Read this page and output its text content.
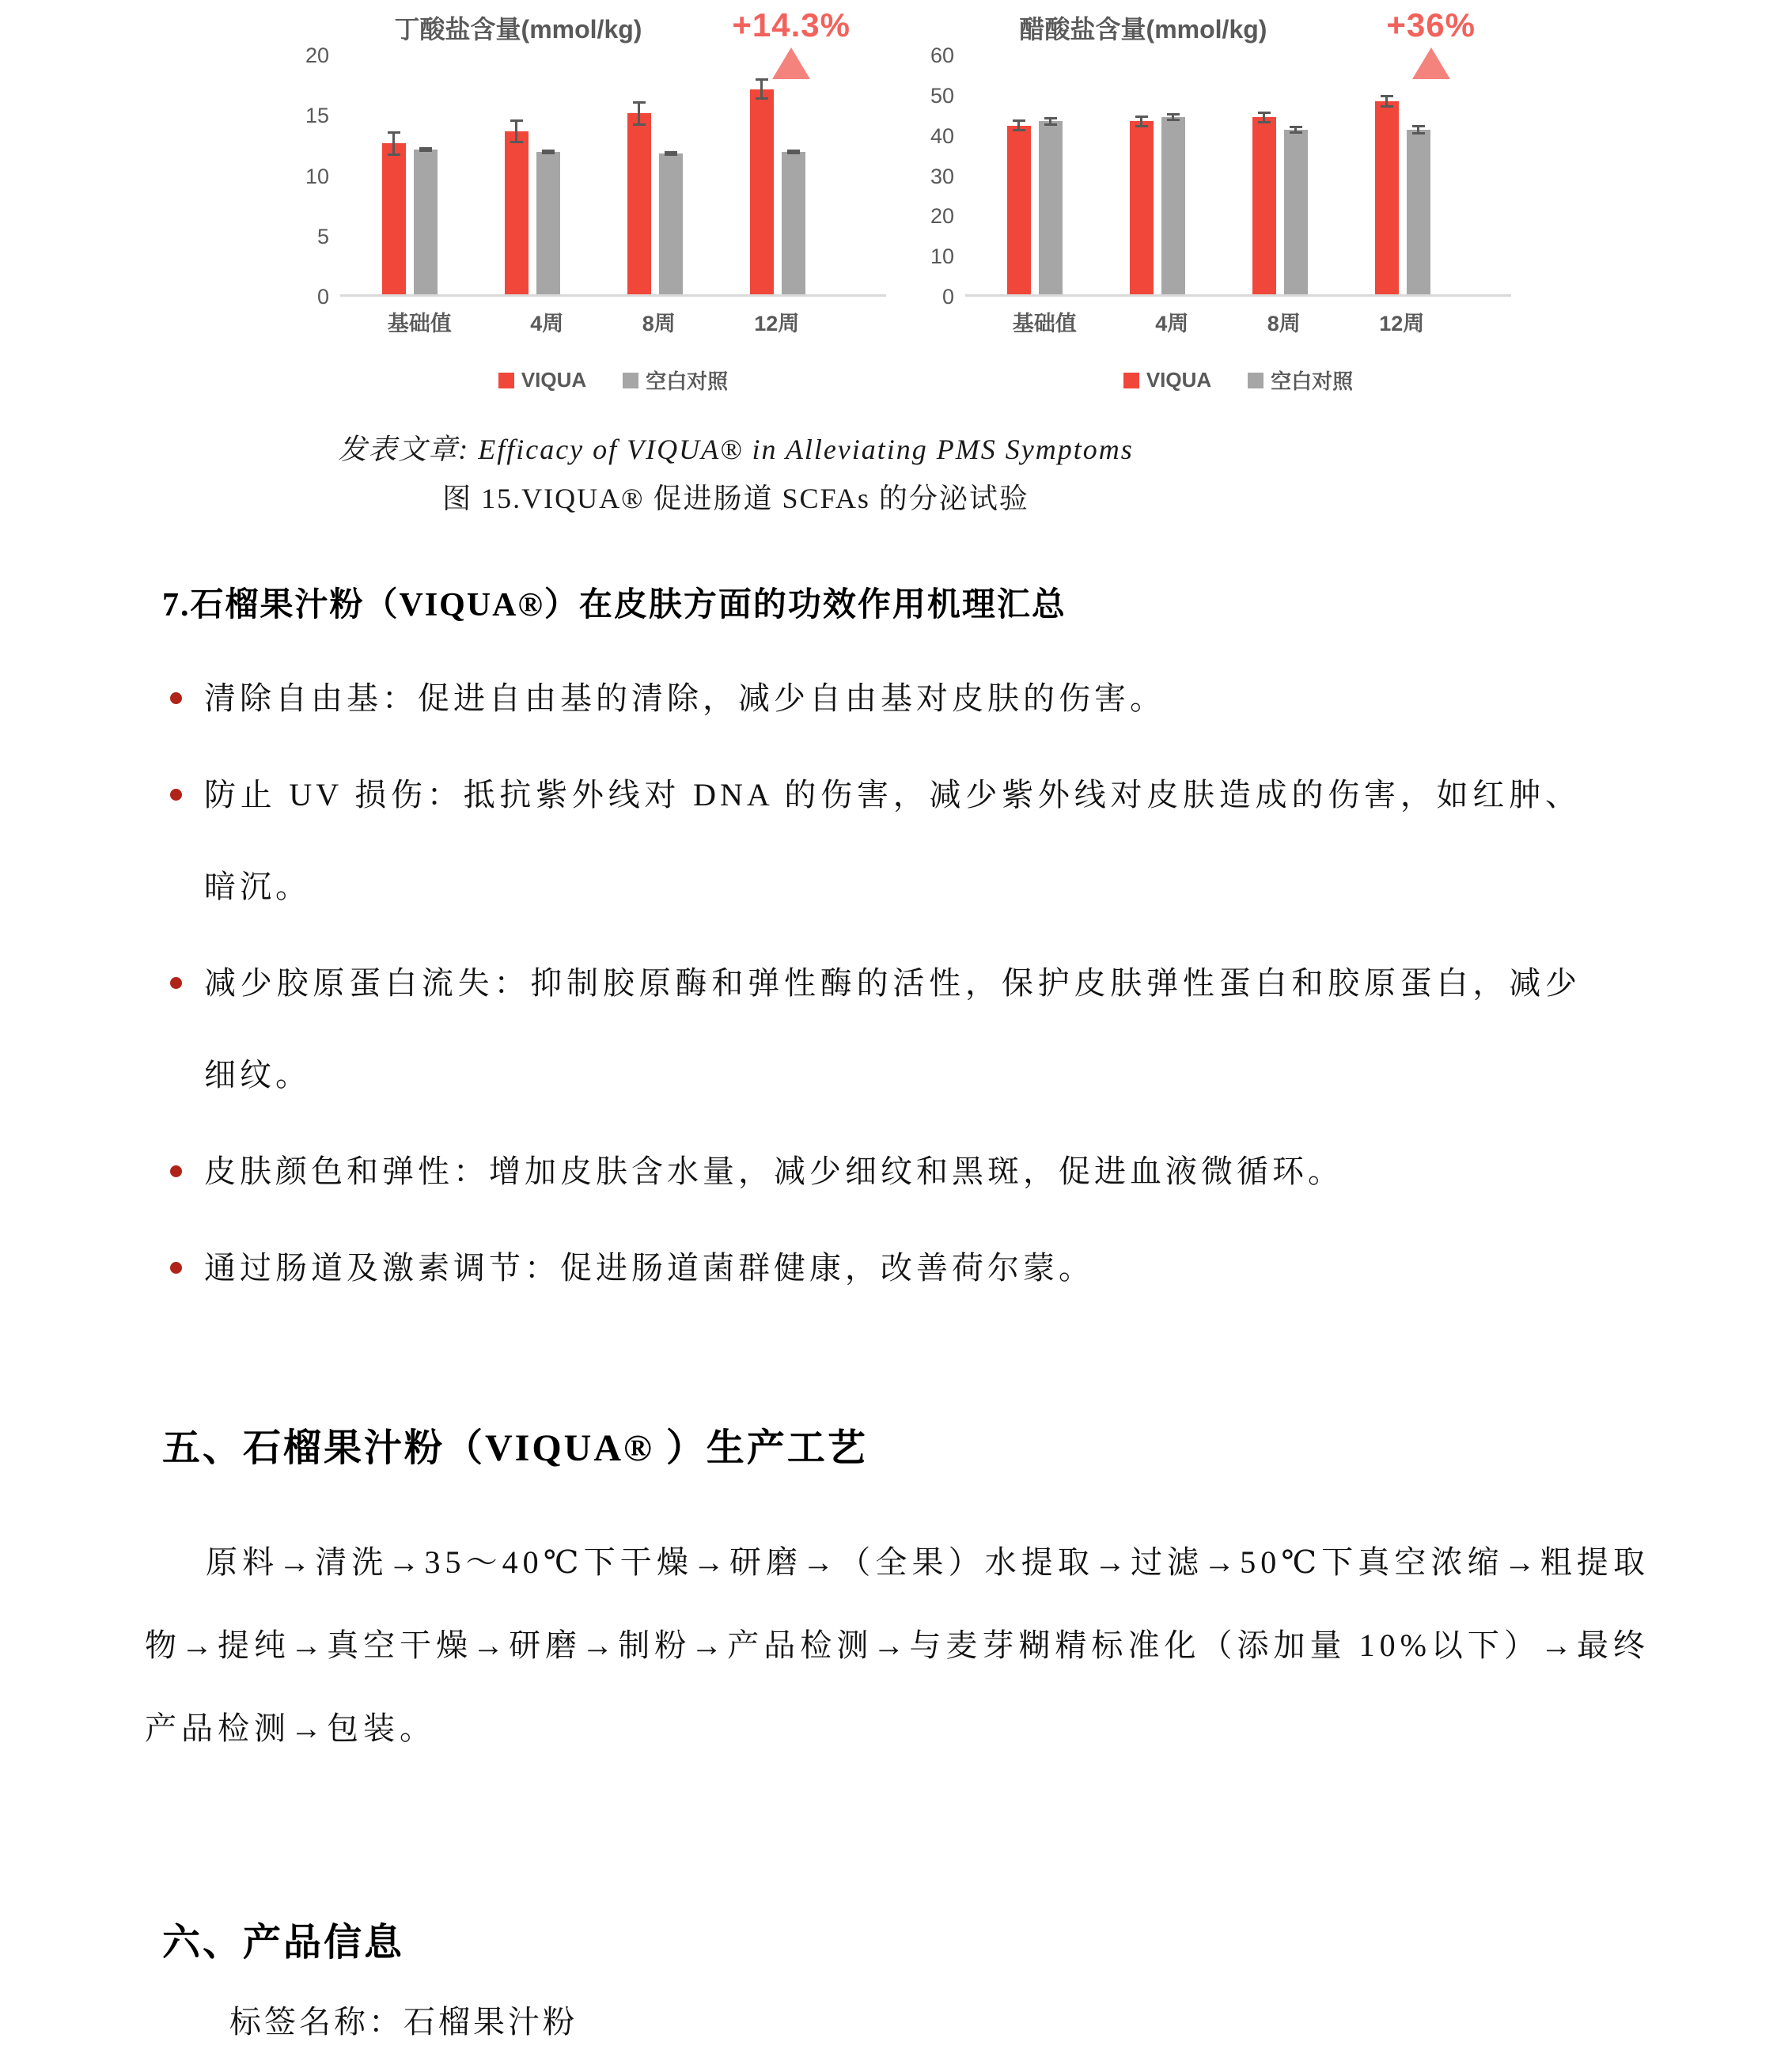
丁酸盐含量(mmol/kg)
0
5
10
15
20
+14.3%
基础值	4周	8周	12周
VIQUA	空白对照
醋酸盐含量(mmol/kg)
0
10
20
30
40
50
60
+36%
基础值	4周	8周	12周
VIQUA	空白对照
发表文章: Efficacy of VIQUA® in Alleviating PMS Symptoms
图 15.VIQUA® 促进肠道 SCFAs 的分泌试验
7.石榴果汁粉（VIQUA®）在皮肤方面的功效作用机理汇总
清除自由基：促进自由基的清除，减少自由基对皮肤的伤害。
防止 UV 损伤：抵抗紫外线对 DNA 的伤害，减少紫外线对皮肤造成的伤害，如红肿、暗沉。
减少胶原蛋白流失：抑制胶原酶和弹性酶的活性，保护皮肤弹性蛋白和胶原蛋白，减少细纹。
皮肤颜色和弹性：增加皮肤含水量，减少细纹和黑斑，促进血液微循环。
通过肠道及激素调节：促进肠道菌群健康，改善荷尔蒙。
五、石榴果汁粉（VIQUA® ）生产工艺
原料→清洗→35～40℃下干燥→研磨→（全果）水提取→过滤→50℃下真空浓缩→粗提取物→提纯→真空干燥→研磨→制粉→产品检测→与麦芽糊精标准化（添加量 10%以下）→最终产品检测→包装。
六、产品信息
标签名称：石榴果汁粉
